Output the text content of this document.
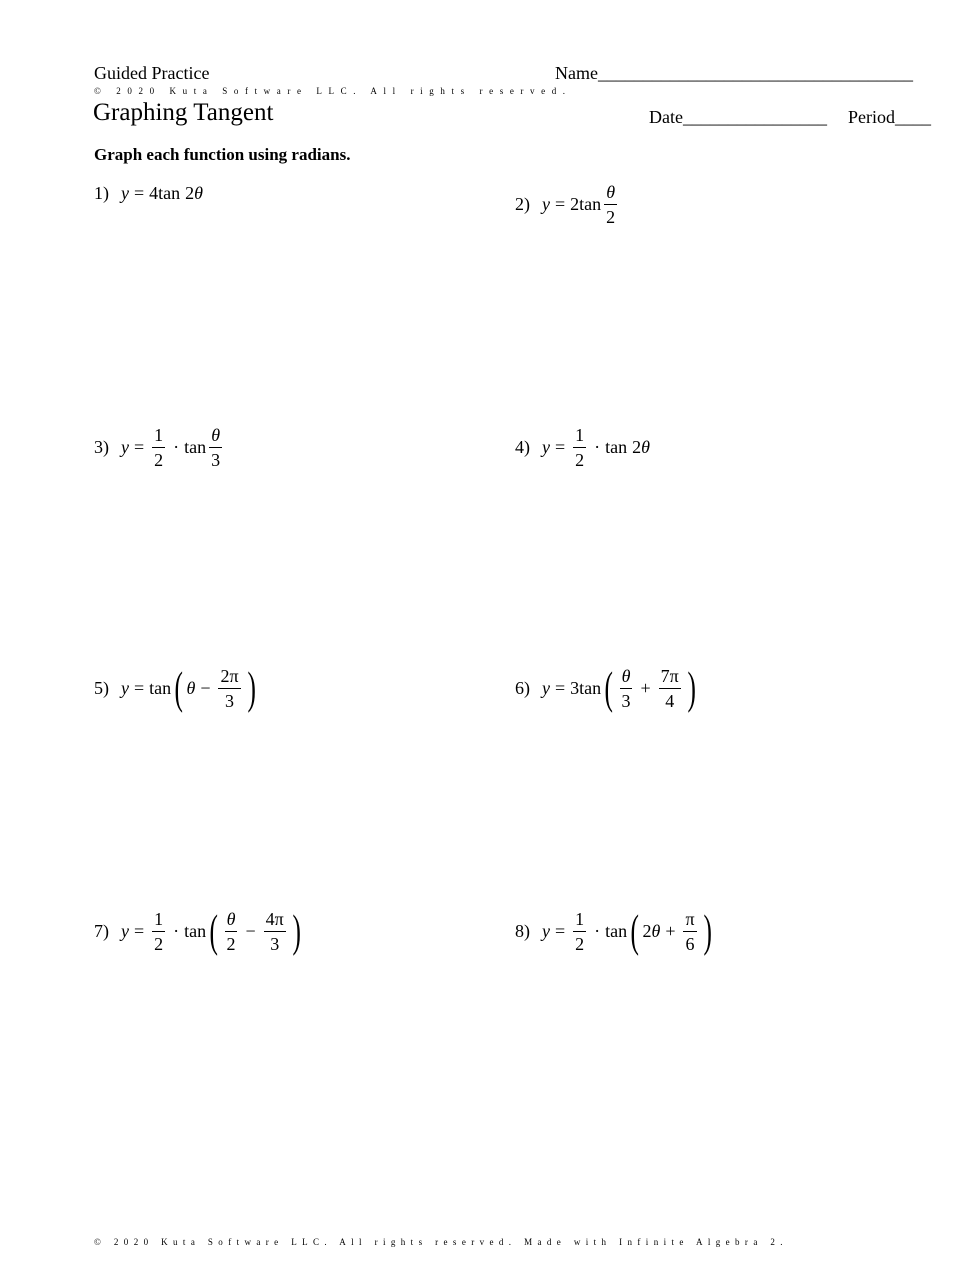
Guided Practice	Name___________________________________
© 2020 Kuta Software LLC. All rights reserved.
Graphing Tangent	Date________________ Period____
Graph each function using radians.
1) y = 4tan 2 θ
2) $y = 2\tan \frac{\theta}{2}$
3) $y = \frac{1}{2} \cdot \tan \frac{\theta}{3}$	4) $y = \frac{1}{2} \cdot \tan 2$ θ
5) y = tan ( $\theta - \frac{2\pi}{3}$ )	6) y = 3tan ( $\frac{\theta}{3} + \frac{7\pi}{4}$ )
7) $y = \frac{1}{2} \cdot \tan$ ( $\frac{\theta}{2} - \frac{4\pi}{3}$ )	8) $y = \frac{1}{2} \cdot \tan$ ( 2 $\theta + \frac{\pi}{6}$ )
© 2020 Kuta Software LLC. All rights reserved. Made with Infinite Algebra 2.
